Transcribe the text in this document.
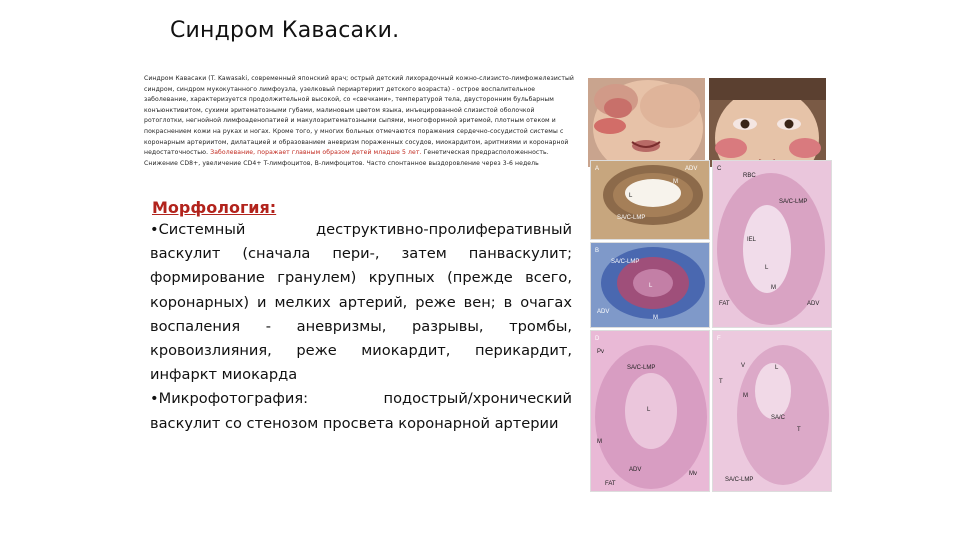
Синдром Кавасаки.
Синдром Кавасаки (T. Kawasaki, современный японский врач; острый детский лихорадочный кожно-слизисто-лимфожелезистый синдром, синдром мукокутанного лимфоузла, узелковый периартериит детского возраста) - острое воспалительное заболевание, характеризуется продолжительной высокой, со «свечками», температурой тела, двусторонним бульбарным конъюнктивитом, сухими эритематозными губами, малиновым цветом языка, инъецированной слизистой оболочкой ротоглотки, негнойной лимфоаденопатией и макулоэритематозными сыпями, многоформной эритемой, плотным отеком и покраснением кожи на руках и ногах. Кроме того, у многих больных отмечаются поражения сердечно-сосудистой системы с коронарным артериитом, дилатацией и образованием аневризм пораженных сосудов, миокардитом, аритмиями и коронарной недостаточностью. Заболевание, поражает главным образом детей младше 5 лет. Генетическая предрасположенность. Снижение CD8+, увеличение CD4+ T-лимфоцитов, В-лимфоцитов. Часто спонтанное выздоровление через 3-6 недель
Морфология:

•Системный деструктивно-пролиферативный васкулит (сначала пери-, затем панваскулит; формирование гранулем) крупных (прежде всего, коронарных) и мелких артерий, реже вен; в очагах воспаления - аневризмы, разрывы, тромбы, кровоизлияния, реже миокардит, перикардит, инфаркт миокарда

•Микрофотография: подострый/хронический васкулит со стенозом просвета коронарной артерии

A	ADV
M
L
SA/C-LMP
B
SA/C-LMP
L
ADV
M
C
RBC
SA/C-LMP
IEL
L
M
FAT	ADV
D
Pv
SA/C-LMP
L
M
ADV
FAT
Mv
F
V	L
T
M
SA/C
T
SA/C-LMP
